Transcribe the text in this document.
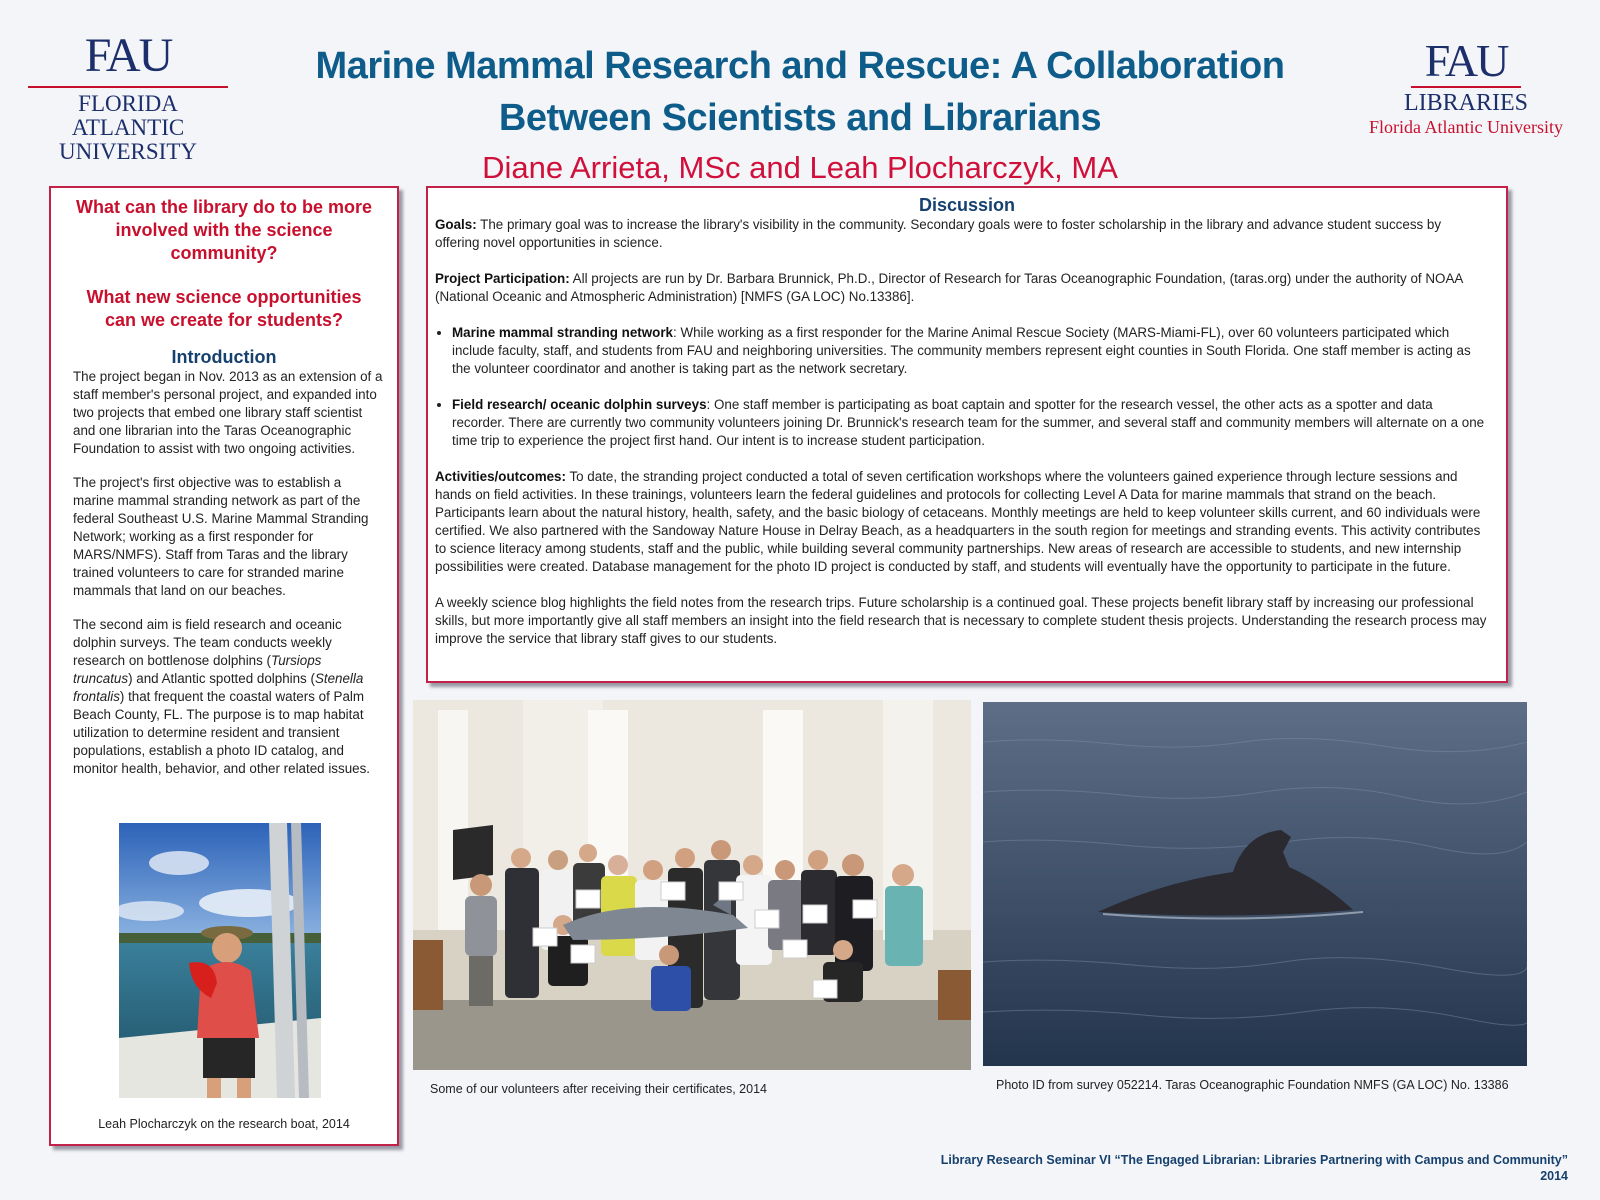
FAU
FLORIDA ATLANTIC
UNIVERSITY
FAU
LIBRARIES
Florida Atlantic University
Marine Mammal Research and Rescue: A Collaboration
Between Scientists and Librarians
Diane Arrieta, MSc and Leah Plocharczyk, MA
What can the library do to be more involved with the science community?
What new science opportunities can we create for students?
Introduction

The project began in Nov. 2013 as an extension of a staff member's personal project, and expanded into two projects that embed one library staff scientist and one librarian into the Taras Oceanographic Foundation to assist with two ongoing activities.

The project's first objective was to establish a marine mammal stranding network as part of the federal Southeast U.S. Marine Mammal Stranding Network; working as a first responder for MARS/NMFS). Staff from Taras and the library trained volunteers to care for stranded marine mammals that land on our beaches.

The second aim is field research and oceanic dolphin surveys. The team conducts weekly research on bottlenose dolphins (Tursiops truncatus) and Atlantic spotted dolphins (Stenella frontalis) that frequent the coastal waters of Palm Beach County, FL. The purpose is to map habitat utilization to determine resident and transient populations, establish a photo ID catalog, and monitor health, behavior, and other related issues.

Leah Plocharczyk on the research boat, 2014
Discussion

Goals: The primary goal was to increase the library's visibility in the community. Secondary goals were to foster scholarship in the library and advance student success by offering novel opportunities in science.

Project Participation: All projects are run by Dr. Barbara Brunnick, Ph.D., Director of Research for Taras Oceanographic Foundation, (taras.org) under the authority of NOAA (National Oceanic and Atmospheric Administration) [NMFS (GA LOC) No.13386].

• Marine mammal stranding network: While working as a first responder for the Marine Animal Rescue Society (MARS-Miami-FL), over 60 volunteers participated which include faculty, staff, and students from FAU and neighboring universities. The community members represent eight counties in South Florida. One staff member is acting as the volunteer coordinator and another is taking part as the network secretary.
• Field research/ oceanic dolphin surveys: One staff member is participating as boat captain and spotter for the research vessel, the other acts as a spotter and data recorder. There are currently two community volunteers joining Dr. Brunnick's research team for the summer, and several staff and community members will alternate on a one time trip to experience the project first hand. Our intent is to increase student participation.

Activities/outcomes: To date, the stranding project conducted a total of seven certification workshops where the volunteers gained experience through lecture sessions and hands on field activities. In these trainings, volunteers learn the federal guidelines and protocols for collecting Level A Data for marine mammals that strand on the beach. Participants learn about the natural history, health, safety, and the basic biology of cetaceans. Monthly meetings are held to keep volunteer skills current, and 60 individuals were certified. We also partnered with the Sandoway Nature House in Delray Beach, as a headquarters in the south region for meetings and stranding events. This activity contributes to science literacy among students, staff and the public, while building several community partnerships. New areas of research are accessible to students, and new internship possibilities were created. Database management for the photo ID project is conducted by staff, and students will eventually have the opportunity to participate in the future.

A weekly science blog highlights the field notes from the research trips. Future scholarship is a continued goal. These projects benefit library staff by increasing our professional skills, but more importantly give all staff members an insight into the field research that is necessary to complete student thesis projects. Understanding the research process may improve the service that library staff gives to our students.

Some of our volunteers after receiving their certificates, 2014	Photo ID from survey 052214. Taras Oceanographic Foundation NMFS (GA LOC) No. 13386
Library Research Seminar VI “The Engaged Librarian: Libraries Partnering with Campus and Community”
2014
